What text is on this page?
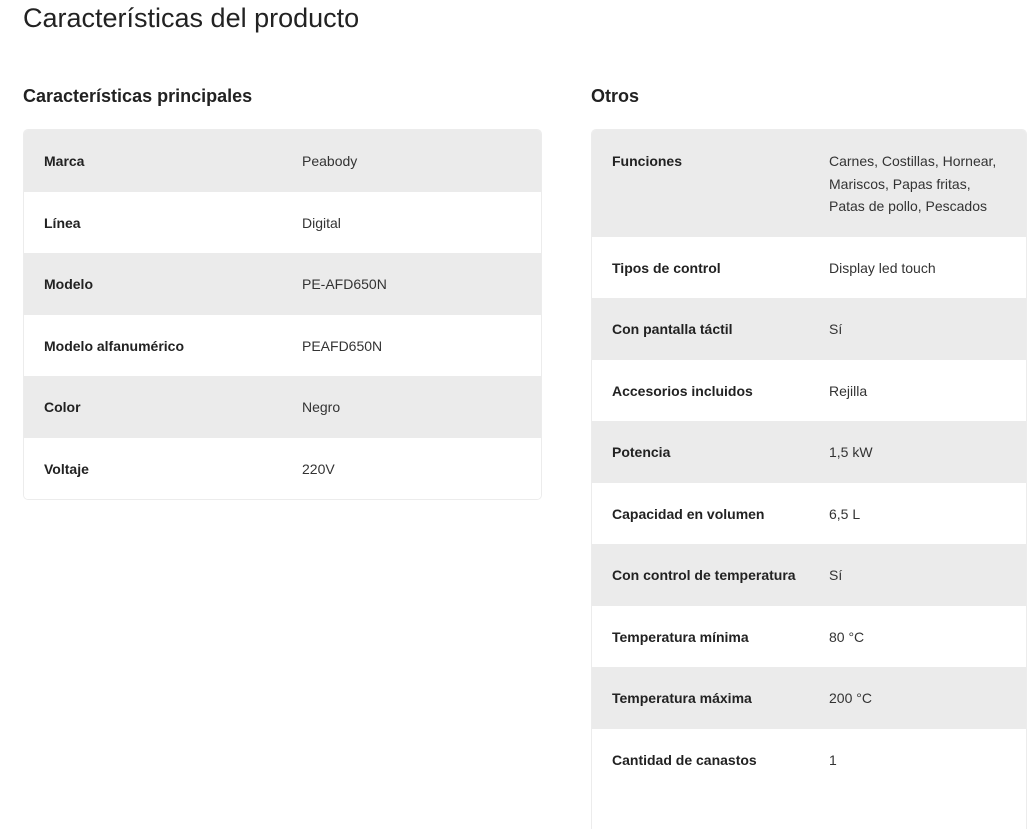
Características del producto
Características principales	Otros
Marca	Peabody
Línea	Digital
Modelo	PE-AFD650N
Modelo alfanumérico	PEAFD650N
Color	Negro
Voltaje	220V
Funciones	Carnes, Costillas, Hornear, Mariscos, Papas fritas, Patas de pollo, Pescados
Tipos de control	Display led touch
Con pantalla táctil	Sí
Accesorios incluidos	Rejilla
Potencia	1,5 kW
Capacidad en volumen	6,5 L
Con control de temperatura	Sí
Temperatura mínima	80 °C
Temperatura máxima	200 °C
Cantidad de canastos	1
